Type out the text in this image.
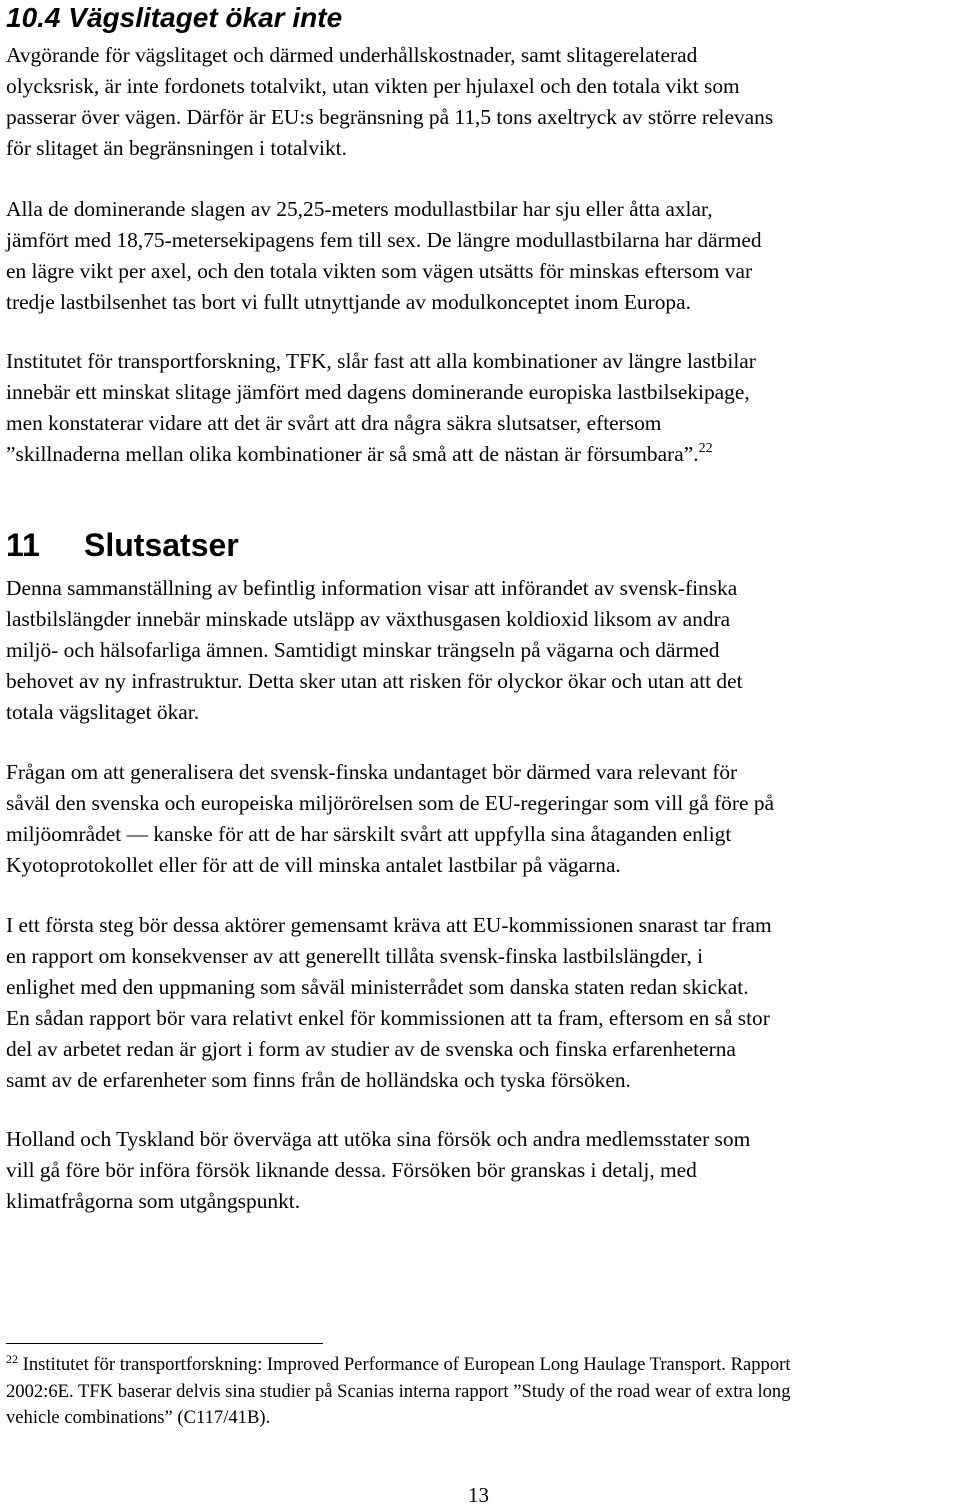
10.4 Vägslitaget ökar inte

Avgörande för vägslitaget och därmed underhållskostnader, samt slitagerelaterad
olycksrisk, är inte fordonets totalvikt, utan vikten per hjulaxel och den totala vikt som
passerar över vägen. Därför är EU:s begränsning på 11,5 tons axeltryck av större relevans
för slitaget än begränsningen i totalvikt.

Alla de dominerande slagen av 25,25-meters modullastbilar har sju eller åtta axlar,
jämfört med 18,75-metersekipagens fem till sex. De längre modullastbilarna har därmed
en lägre vikt per axel, och den totala vikten som vägen utsätts för minskas eftersom var
tredje lastbilsenhet tas bort vi fullt utnyttjande av modulkonceptet inom Europa.

Institutet för transportforskning, TFK, slår fast att alla kombinationer av längre lastbilar
innebär ett minskat slitage jämfört med dagens dominerande europiska lastbilsekipage,
men konstaterar vidare att det är svårt att dra några säkra slutsatser, eftersom
”skillnaderna mellan olika kombinationer är så små att de nästan är försumbara”.$^{22}$

11 Slutsatser

Denna sammanställning av befintlig information visar att införandet av svensk-finska
lastbilslängder innebär minskade utsläpp av växthusgasen koldioxid liksom av andra
miljö- och hälsofarliga ämnen. Samtidigt minskar trängseln på vägarna och därmed
behovet av ny infrastruktur. Detta sker utan att risken för olyckor ökar och utan att det
totala vägslitaget ökar.

Frågan om att generalisera det svensk-finska undantaget bör därmed vara relevant för
såväl den svenska och europeiska miljörörelsen som de EU-regeringar som vill gå före på
miljöområdet — kanske för att de har särskilt svårt att uppfylla sina åtaganden enligt
Kyotoprotokollet eller för att de vill minska antalet lastbilar på vägarna.

I ett första steg bör dessa aktörer gemensamt kräva att EU-kommissionen snarast tar fram
en rapport om konsekvenser av att generellt tillåta svensk-finska lastbilslängder, i
enlighet med den uppmaning som såväl ministerrådet som danska staten redan skickat.
En sådan rapport bör vara relativt enkel för kommissionen att ta fram, eftersom en så stor
del av arbetet redan är gjort i form av studier av de svenska och finska erfarenheterna
samt av de erfarenheter som finns från de holländska och tyska försöken.

Holland och Tyskland bör överväga att utöka sina försök och andra medlemsstater som
vill gå före bör införa försök liknande dessa. Försöken bör granskas i detalj, med
klimatfrågorna som utgångspunkt.

$^{22}$ Institutet för transportforskning: Improved Performance of European Long Haulage Transport. Rapport
2002:6E. TFK baserar delvis sina studier på Scanias interna rapport ”Study of the road wear of extra long
vehicle combinations” (C117/41B).

13
